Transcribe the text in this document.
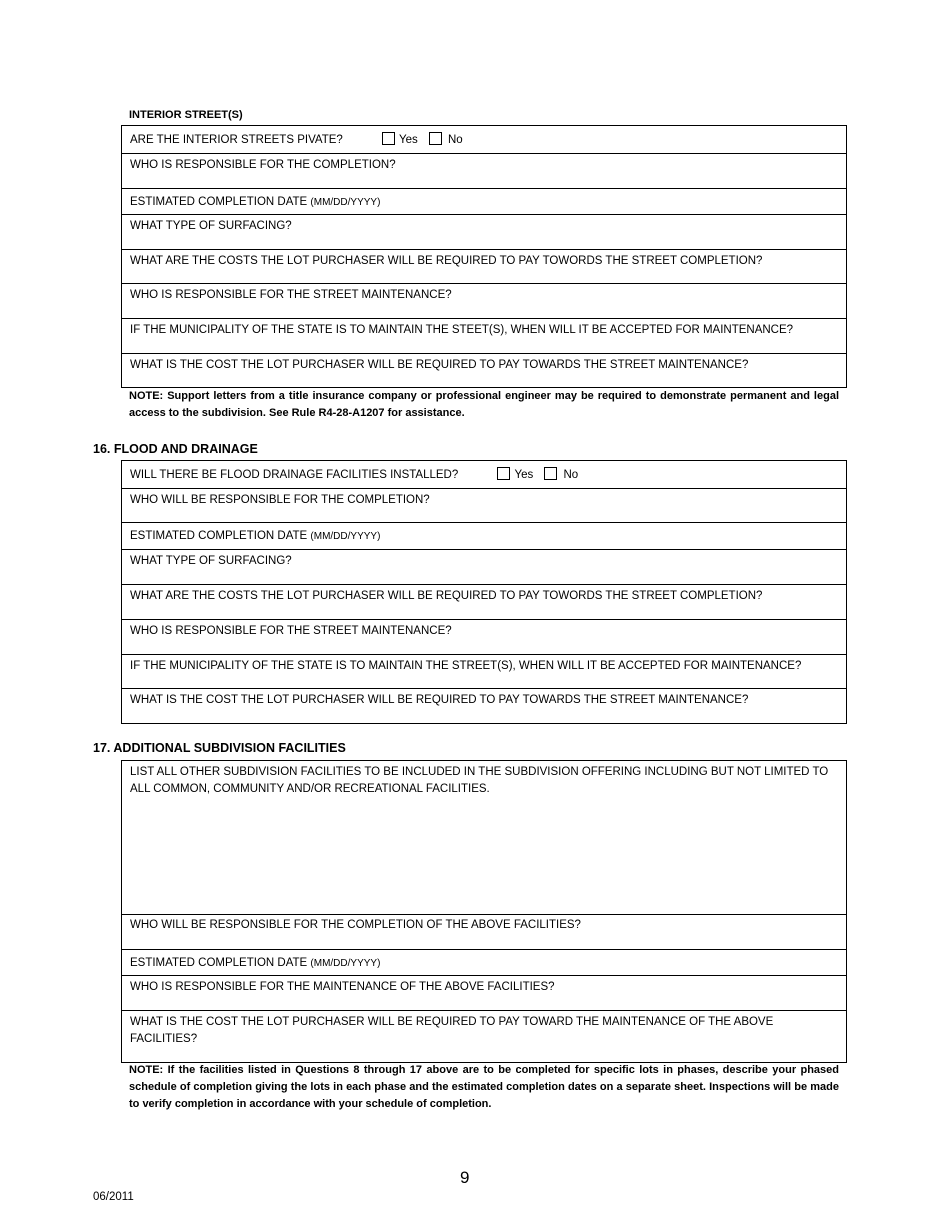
INTERIOR STREET(S)
ARE THE INTERIOR STREETS PIVATE?	Yes	No
WHO IS RESPONSIBLE FOR THE COMPLETION?
ESTIMATED COMPLETION DATE (MM/DD/YYYY)
WHAT TYPE OF SURFACING?
WHAT ARE THE COSTS THE LOT PURCHASER WILL BE REQUIRED TO PAY TOWORDS THE STREET COMPLETION?
WHO IS RESPONSIBLE FOR THE STREET MAINTENANCE?
IF THE MUNICIPALITY OF THE STATE IS TO MAINTAIN THE STEET(S), WHEN WILL IT BE ACCEPTED FOR MAINTENANCE?
WHAT IS THE COST THE LOT PURCHASER WILL BE REQUIRED TO PAY TOWARDS THE STREET MAINTENANCE?
NOTE: Support letters from a title insurance company or professional engineer may be required to demonstrate permanent and legal access to the subdivision. See Rule R4-28-A1207 for assistance.
16. FLOOD AND DRAINAGE
WILL THERE BE FLOOD DRAINAGE FACILITIES INSTALLED?	Yes	No
WHO WILL BE RESPONSIBLE FOR THE COMPLETION?
ESTIMATED COMPLETION DATE (MM/DD/YYYY)
WHAT TYPE OF SURFACING?
WHAT ARE THE COSTS THE LOT PURCHASER WILL BE REQUIRED TO PAY TOWORDS THE STREET COMPLETION?
WHO IS RESPONSIBLE FOR THE STREET MAINTENANCE?
IF THE MUNICIPALITY OF THE STATE IS TO MAINTAIN THE STREET(S), WHEN WILL IT BE ACCEPTED FOR MAINTENANCE?
WHAT IS THE COST THE LOT PURCHASER WILL BE REQUIRED TO PAY TOWARDS THE STREET MAINTENANCE?
17. ADDITIONAL SUBDIVISION FACILITIES
LIST ALL OTHER SUBDIVISION FACILITIES TO BE INCLUDED IN THE SUBDIVISION OFFERING INCLUDING BUT NOT LIMITED TO ALL COMMON, COMMUNITY AND/OR RECREATIONAL FACILITIES.
WHO WILL BE RESPONSIBLE FOR THE COMPLETION OF THE ABOVE FACILITIES?
ESTIMATED COMPLETION DATE (MM/DD/YYYY)
WHO IS RESPONSIBLE FOR THE MAINTENANCE OF THE ABOVE FACILITIES?
WHAT IS THE COST THE LOT PURCHASER WILL BE REQUIRED TO PAY TOWARD THE MAINTENANCE OF THE ABOVE FACILITIES?
NOTE: If the facilities listed in Questions 8 through 17 above are to be completed for specific lots in phases, describe your phased schedule of completion giving the lots in each phase and the estimated completion dates on a separate sheet. Inspections will be made to verify completion in accordance with your schedule of completion.
9
06/2011
